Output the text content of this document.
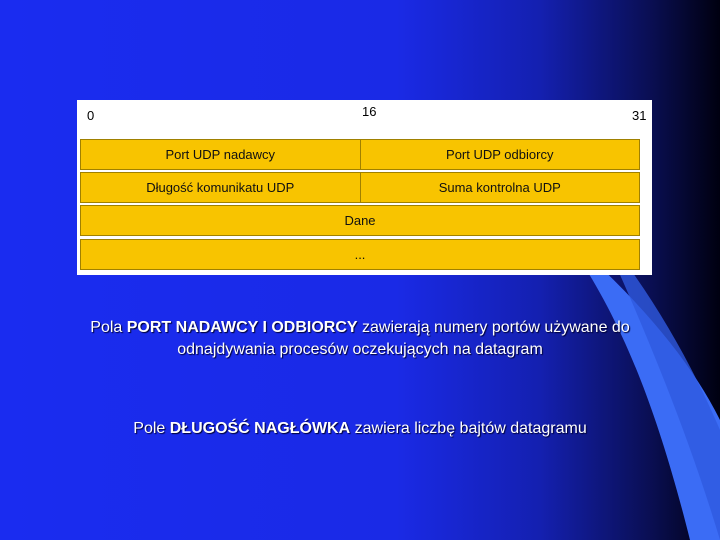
0	16	31
Port UDP nadawcy	Port UDP odbiorcy
Długość komunikatu UDP	Suma kontrolna UDP
Dane
...
Pola PORT NADAWCY I ODBIORCY zawierają numery portów używane do odnajdywania procesów oczekujących na datagram
Pole DŁUGOŚĆ NAGŁÓWKA zawiera liczbę bajtów datagramu
